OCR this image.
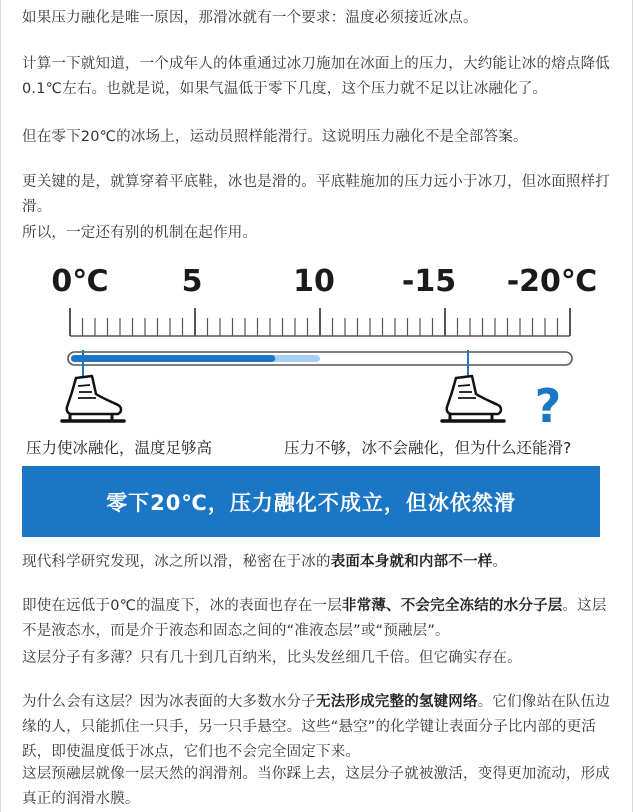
如果压力融化是唯一原因，那滑冰就有一个要求：温度必须接近冰点。

计算一下就知道，一个成年人的体重通过冰刀施加在冰面上的压力，大约能让冰的熔点降低0.1℃左右。也就是说，如果气温低于零下几度，这个压力就不足以让冰融化了。

但在零下20℃的冰场上，运动员照样能滑行。这说明压力融化不是全部答案。

更关键的是，就算穿着平底鞋，冰也是滑的。平底鞋施加的压力远小于冰刀，但冰面照样打滑。

所以，一定还有别的机制在起作用。

0℃ 5	10 -15 -20℃
?
压力使冰融化，温度足够高	压力不够，冰不会融化，但为什么还能滑?
零下20℃，压力融化不成立，但冰依然滑

现代科学研究发现，冰之所以滑，秘密在于冰的表面本身就和内部不一样。

即使在远低于0℃的温度下，冰的表面也存在一层非常薄、不会完全冻结的水分子层。这层不是液态水，而是介于液态和固态之间的“准液态层”或“预融层”。

这层分子有多薄？只有几十到几百纳米，比头发丝细几千倍。但它确实存在。

为什么会有这层？因为冰表面的大多数水分子无法形成完整的氢键网络。它们像站在队伍边缘的人，只能抓住一只手，另一只手悬空。这些“悬空”的化学键让表面分子比内部的更活跃，即使温度低于冰点，它们也不会完全固定下来。

这层预融层就像一层天然的润滑剂。当你踩上去，这层分子就被激活，变得更加流动，形成真正的润滑水膜。
